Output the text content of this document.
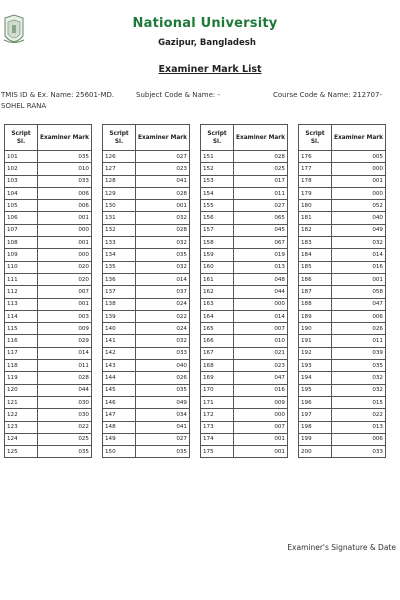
National University
Gazipur, Bangladesh
Examiner Mark List
TMIS ID & Ex. Name: 25601-MD. SOHEL RANA
Subject Code & Name: -	Course Code & Name: 212707-
Script Sl.	Examiner Mark
101	035
102	010
103	033
104	006
105	006
106	001
107	000
108	001
109	000
110	020
111	020
112	007
113	001
114	003
115	009
116	029
117	014
118	011
119	028
120	044
121	030
122	030
123	022
124	025
125	035
Script Sl.	Examiner Mark
126	027
127	023
128	041
129	028
130	001
131	032
132	028
133	032
134	035
135	032
136	014
137	037
138	024
139	022
140	024
141	032
142	033
143	040
144	026
145	035
146	049
147	034
148	041
149	027
150	035
Script Sl.	Examiner Mark
151	028
152	025
153	017
154	011
155	027
156	065
157	045
158	067
159	019
160	013
161	048
162	044
163	000
164	014
165	007
166	010
167	021
168	023
169	047
170	016
171	009
172	000
173	007
174	001
175	001
Script Sl.	Examiner Mark
176	005
177	000
178	001
179	000
180	052
181	040
182	049
183	032
184	014
185	016
186	001
187	058
188	047
189	006
190	026
191	011
192	039
193	035
194	032
195	032
196	015
197	022
198	013
199	006
200	033
Examiner's Signature & Date
